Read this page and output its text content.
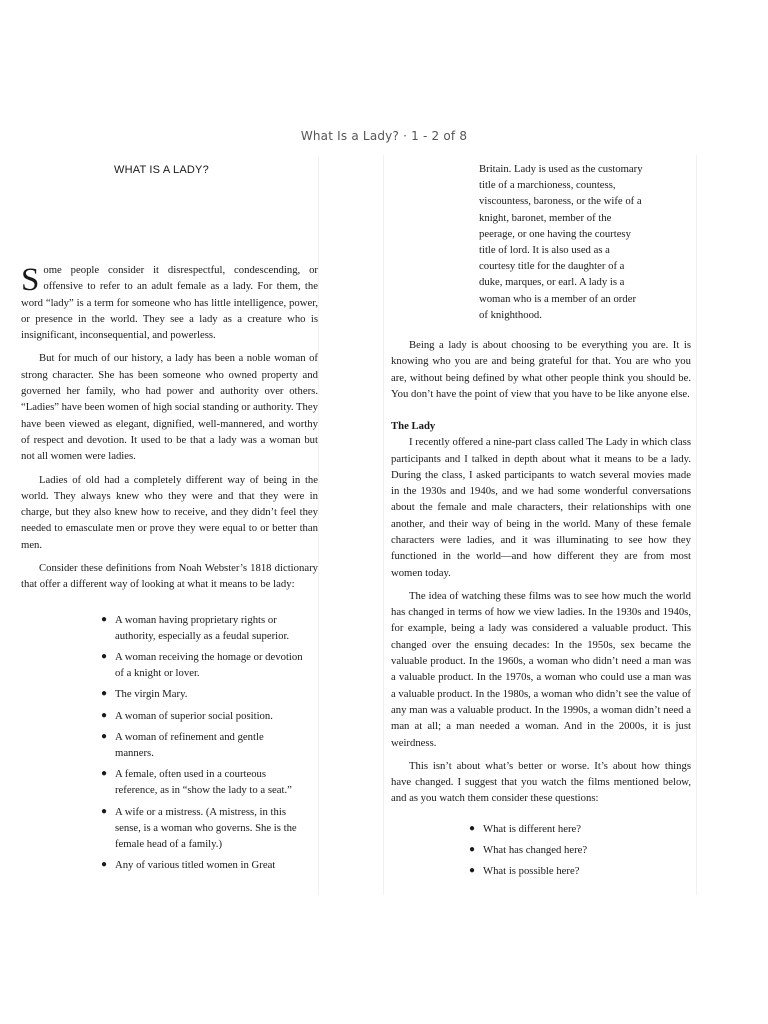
What Is a Lady? · 1 - 2 of 8

Some people consider it disrespectful, condescending, or offensive to refer to an adult female as a lady. For them, the word “lady” is a term for someone who has little intelligence, power, or presence in the world. They see a lady as a creature who is insignificant, inconsequential, and powerless.

But for much of our history, a lady has been a noble woman of strong character. She has been someone who owned property and governed her family, who had power and authority over others. “Ladies” have been women of high social standing or authority. They have been viewed as elegant, dignified, well-mannered, and worthy of respect and devotion. It used to be that a lady was a woman but not all women were ladies.

Ladies of old had a completely different way of being in the world. They always knew who they were and that they were in charge, but they also knew how to receive, and they didn’t feel they needed to emasculate men or prove they were equal to or better than men.

Consider these definitions from Noah Webster’s 1818 dictionary that offer a different way of looking at what it means to be lady:

● A woman having proprietary rights or authority, especially as a feudal superior.
● A woman receiving the homage or devotion of a knight or lover.
● The virgin Mary.
● A woman of superior social position.
● A woman of refinement and gentle manners.
● A female, often used in a courteous reference, as in “show the lady to a seat.”
● A wife or a mistress. (A mistress, in this sense, is a woman who governs. She is the female head of a family.)
● Any of various titled women in Great
WHAT IS A LADY?	Britain. Lady is used as the customary
title of a marchioness, countess,
viscountess, baroness, or the wife of a
knight, baronet, member of the
peerage, or one having the courtesy
title of lord. It is also used as a
courtesy title for the daughter of a
duke, marques, or earl. A lady is a
woman who is a member of an order
of knighthood.

Being a lady is about choosing to be everything you are. It is knowing who you are and being grateful for that. You are who you are, without being defined by what other people think you should be. You don’t have the point of view that you have to be like anyone else.

The Lady

I recently offered a nine-part class called The Lady in which class participants and I talked in depth about what it means to be a lady. During the class, I asked participants to watch several movies made in the 1930s and 1940s, and we had some wonderful conversations about the female and male characters, their relationships with one another, and their way of being in the world. Many of these female characters were ladies, and it was illuminating to see how they functioned in the world—and how different they are from most women today.

The idea of watching these films was to see how much the world has changed in terms of how we view ladies. In the 1930s and 1940s, for example, being a lady was considered a valuable product. This changed over the ensuing decades: In the 1950s, sex became the valuable product. In the 1960s, a woman who didn’t need a man was a valuable product. In the 1970s, a woman who could use a man was a valuable product. In the 1980s, a woman who didn’t see the value of any man was a valuable product. In the 1990s, a woman didn’t need a man at all; a man needed a woman. And in the 2000s, it is just weirdness.

This isn’t about what’s better or worse. It’s about how things have changed. I suggest that you watch the films mentioned below, and as you watch them consider these questions:

● What is different here?
● What has changed here?
● What is possible here?
